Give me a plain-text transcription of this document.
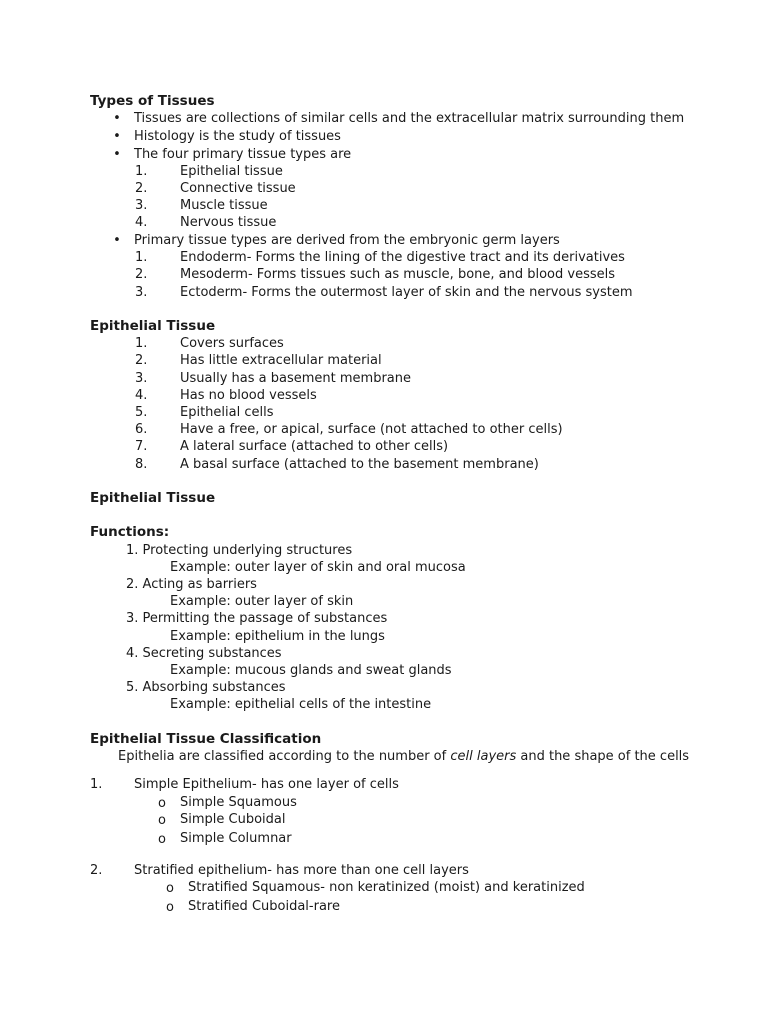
Types of Tissues
• Tissues are collections of similar cells and the extracellular matrix surrounding them
• Histology is the study of tissues
• The four primary tissue types are
1.	Epithelial tissue
2.	Connective tissue
3.	Muscle tissue
4.	Nervous tissue
• Primary tissue types are derived from the embryonic germ layers
1.	Endoderm- Forms the lining of the digestive tract and its derivatives
2.	Mesoderm- Forms tissues such as muscle, bone, and blood vessels
3.	Ectoderm- Forms the outermost layer of skin and the nervous system
Epithelial Tissue
1.	Covers surfaces
2.	Has little extracellular material
3.	Usually has a basement membrane
4.	Has no blood vessels
5.	Epithelial cells
6.	Have a free, or apical, surface (not attached to other cells)
7.	A lateral surface (attached to other cells)
8.	A basal surface (attached to the basement membrane)
Epithelial Tissue
Functions:
1. Protecting underlying structures
Example: outer layer of skin and oral mucosa
2. Acting as barriers
Example: outer layer of skin
3. Permitting the passage of substances
Example: epithelium in the lungs
4. Secreting substances
Example: mucous glands and sweat glands
5. Absorbing substances
Example: epithelial cells of the intestine
Epithelial Tissue Classification
Epithelia are classified according to the number of cell layers and the shape of the cells
1. Simple Epithelium- has one layer of cells
o Simple Squamous
o Simple Cuboidal
o Simple Columnar
2. Stratified epithelium- has more than one cell layers
o Stratified Squamous- non keratinized (moist) and keratinized
o Stratified Cuboidal-rare
